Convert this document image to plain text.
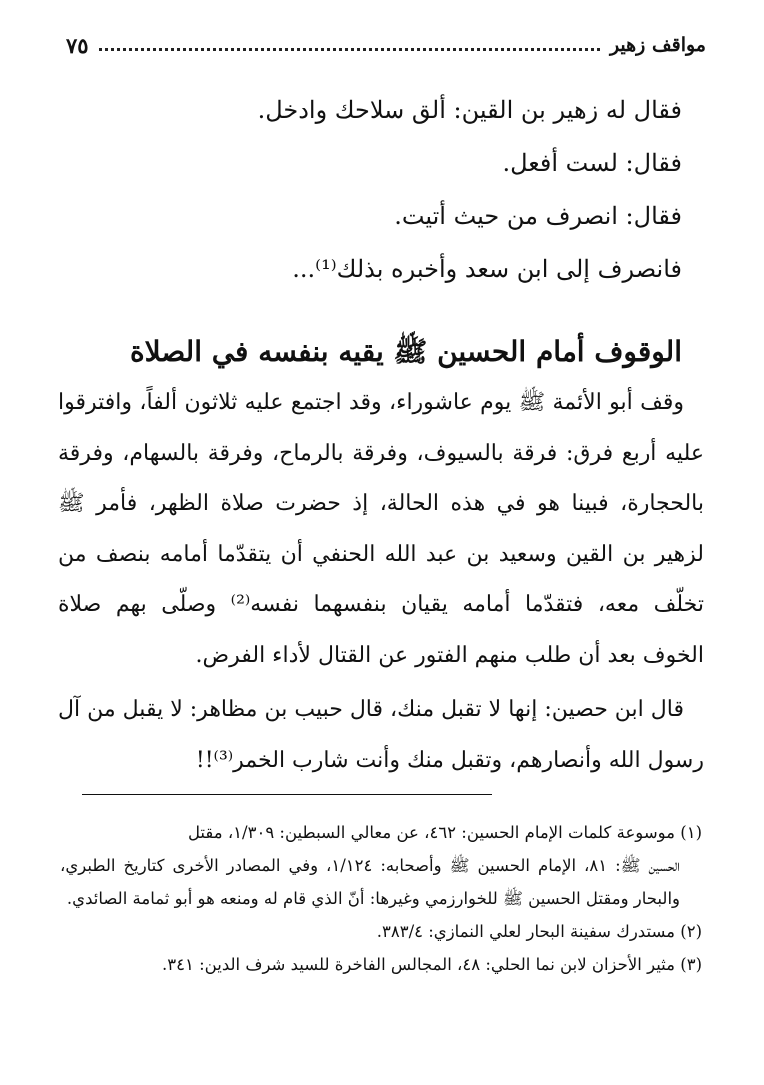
مواقف زهير
٧٥

فقال له زهير بن القين: ألق سلاحك وادخل.

فقال: لست أفعل.

فقال: انصرف من حيث أتيت.

فانصرف إلى ابن سعد وأخبره بذلك⁽¹⁾...

الوقوف أمام الحسين ﷺ يقيه بنفسه في الصلاة

وقف أبو الأئمة ﷺ يوم عاشوراء، وقد اجتمع عليه ثلاثون ألفاً، وافترقوا عليه أربع فرق: فرقة بالسيوف، وفرقة بالرماح، وفرقة بالسهام، وفرقة بالحجارة، فبينا هو في هذه الحالة، إذ حضرت صلاة الظهر، فأمر ﷺ لزهير بن القين وسعيد بن عبد الله الحنفي أن يتقدّما أمامه بنصف من تخلّف معه، فتقدّما أمامه يقيان بنفسهما نفسه⁽²⁾ وصلّى بهم صلاة الخوف بعد أن طلب منهم الفتور عن القتال لأداء الفرض.

قال ابن حصين: إنها لا تقبل منك، قال حبيب بن مظاهر: لا يقبل من آل رسول الله وأنصارهم، وتقبل منك وأنت شارب الخمر⁽³⁾!!

(١) موسوعة كلمات الإمام الحسين: ٤٦٢، عن معالي السبطين: ١/٣٠٩، مقتل

الحسين ﷺ: ٨١، الإمام الحسين ﷺ وأصحابه: ١/١٢٤، وفي المصادر الأخرى كتاريخ الطبري، والبحار ومقتل الحسين ﷺ للخوارزمي وغيرها: أنّ الذي قام له ومنعه هو أبو ثمامة الصائدي.

(٢) مستدرك سفينة البحار لعلي النمازي: ٣٨٣/٤.

(٣) مثير الأحزان لابن نما الحلي: ٤٨، المجالس الفاخرة للسيد شرف الدين: ٣٤١.
